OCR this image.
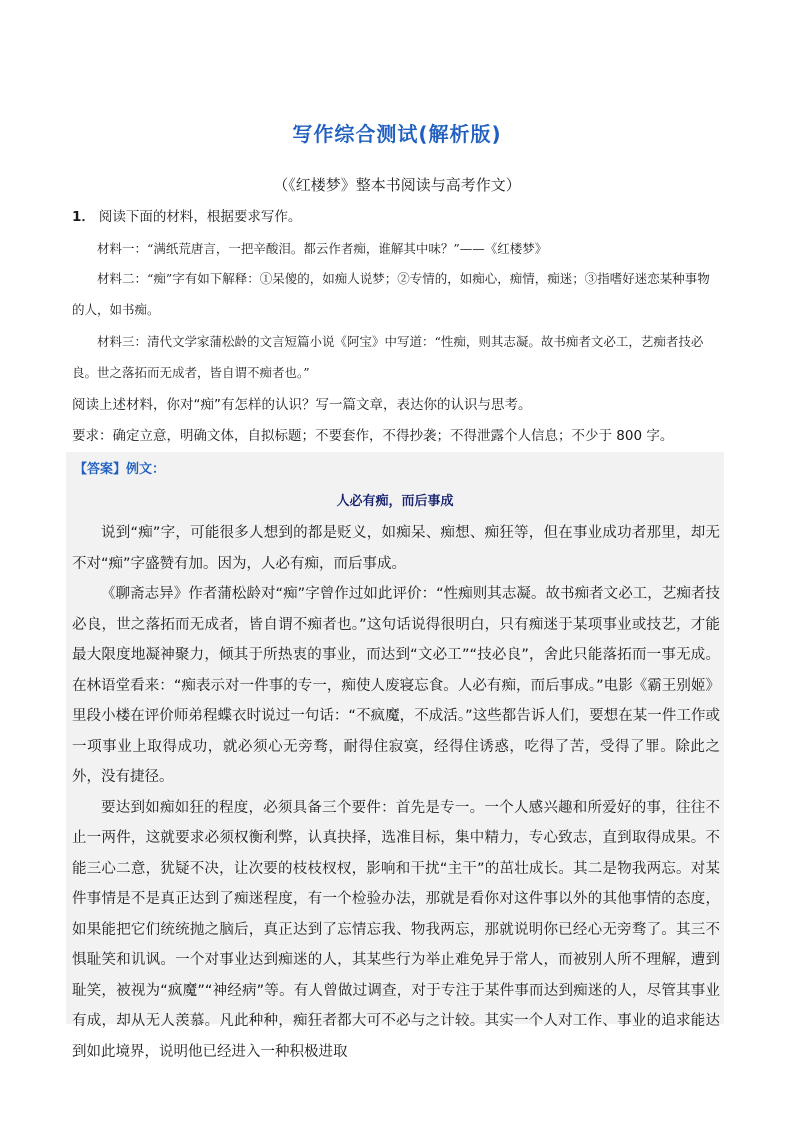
写作综合测试(解析版)
（《红楼梦》整本书阅读与高考作文）
1． 阅读下面的材料，根据要求写作。
材料一：“满纸荒唐言，一把辛酸泪。都云作者痴，谁解其中味？”——《红楼梦》
材料二：“痴”字有如下解释：①呆傻的，如痴人说梦；②专情的，如痴心，痴情，痴迷；③指嗜好迷恋某种事物的人，如书痴。
材料三：清代文学家蒲松龄的文言短篇小说《阿宝》中写道：“性痴，则其志凝。故书痴者文必工，艺痴者技必良。世之落拓而无成者，皆自谓不痴者也。”
阅读上述材料，你对“痴”有怎样的认识？写一篇文章，表达你的认识与思考。
要求：确定立意，明确文体，自拟标题；不要套作，不得抄袭；不得泄露个人信息；不少于 800 字。
【答案】例文：
人必有痴，而后事成

说到“痴”字，可能很多人想到的都是贬义，如痴呆、痴想、痴狂等，但在事业成功者那里，却无不对“痴”字盛赞有加。因为，人必有痴，而后事成。

《聊斋志异》作者蒲松龄对“痴”字曾作过如此评价：“性痴则其志凝。故书痴者文必工，艺痴者技必良，世之落拓而无成者，皆自谓不痴者也。”这句话说得很明白，只有痴迷于某项事业或技艺，才能最大限度地凝神聚力，倾其于所热衷的事业，而达到“文必工”“技必良”，舍此只能落拓而一事无成。在林语堂看来：“痴表示对一件事的专一，痴使人废寝忘食。人必有痴，而后事成。”电影《霸王别姬》里段小楼在评价师弟程蝶衣时说过一句话：“不疯魔，不成活。”这些都告诉人们，要想在某一件工作或一项事业上取得成功，就必须心无旁骛，耐得住寂寞，经得住诱惑，吃得了苦，受得了罪。除此之外，没有捷径。

要达到如痴如狂的程度，必须具备三个要件：首先是专一。一个人感兴趣和所爱好的事，往往不止一两件，这就要求必须权衡利弊，认真抉择，选准目标，集中精力，专心致志，直到取得成果。不能三心二意，犹疑不决，让次要的枝枝杈杈，影响和干扰“主干”的茁壮成长。其二是物我两忘。对某件事情是不是真正达到了痴迷程度，有一个检验办法，那就是看你对这件事以外的其他事情的态度，如果能把它们统统抛之脑后，真正达到了忘情忘我、物我两忘，那就说明你已经心无旁骛了。其三不惧耻笑和讥讽。一个对事业达到痴迷的人，其某些行为举止难免异于常人，而被别人所不理解，遭到耻笑，被视为“疯魔”“神经病”等。有人曾做过调查，对于专注于某件事而达到痴迷的人，尽管其事业有成，却从无人羡慕。凡此种种，痴狂者都大可不必与之计较。其实一个人对工作、事业的追求能达到如此境界，说明他已经进入一种积极进取
